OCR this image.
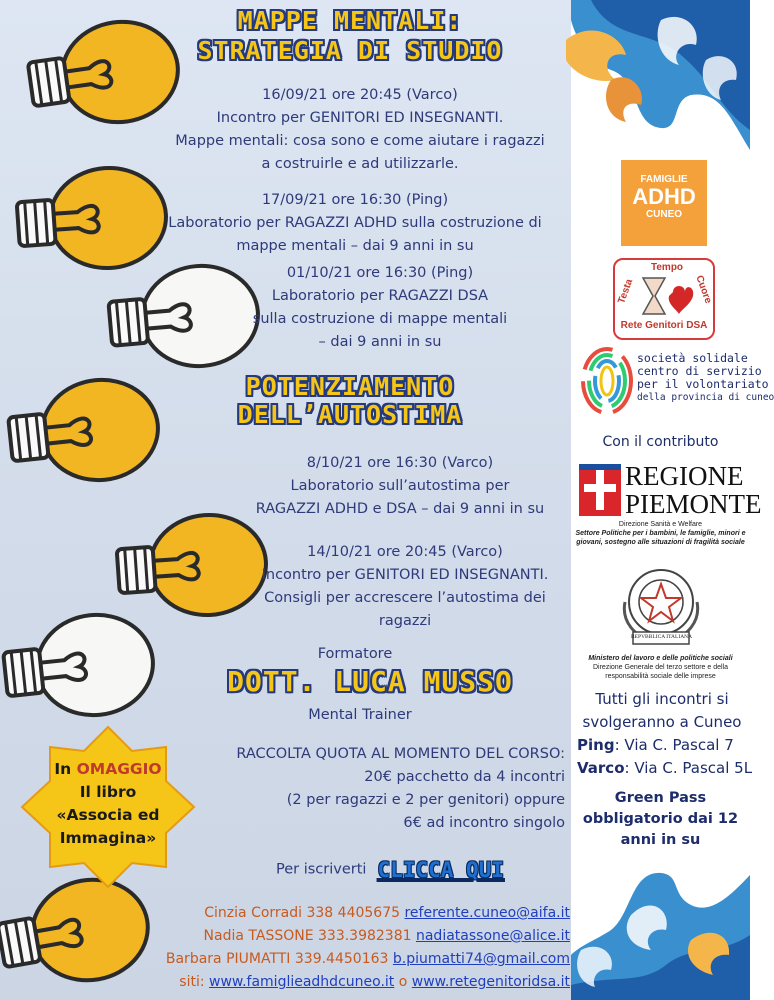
MAPPE MENTALI:
STRATEGIA DI STUDIO
16/09/21 ore 20:45 (Varco)
Incontro per GENITORI ED INSEGNANTI.
Mappe mentali: cosa sono e come aiutare i ragazzi
a costruirle e ad utilizzarle.
17/09/21 ore 16:30 (Ping)
Laboratorio per RAGAZZI ADHD sulla costruzione di
mappe mentali – dai 9 anni in su
01/10/21 ore 16:30 (Ping)
Laboratorio per RAGAZZI DSA
sulla costruzione di mappe mentali
– dai 9 anni in su
POTENZIAMENTO
DELL’AUTOSTIMA
8/10/21 ore 16:30 (Varco)
Laboratorio sull’autostima per
RAGAZZI ADHD e DSA – dai 9 anni in su
14/10/21 ore 20:45 (Varco)
Incontro per GENITORI ED INSEGNANTI.
Consigli per accrescere l’autostima dei
ragazzi
Formatore
DOTT. LUCA MUSSO
Mental Trainer
RACCOLTA QUOTA AL MOMENTO DEL CORSO:
20€ pacchetto da 4 incontri
(2 per ragazzi e 2 per genitori) oppure
6€ ad incontro singolo
In OMAGGIO
Il libro
«Associa ed
Immagina»
Per iscriverti CLICCA QUI
Cinzia Corradi 338 4405675 referente.cuneo@aifa.it
Nadia TASSONE 333.3982381 nadiatassone@alice.it
Barbara PIUMATTI 339.4450163 b.piumatti74@gmail.com
siti: www.famiglieadhdcuneo.it o www.retegenitoridsa.it
FAMIGLIE
ADHD
CUNEO
Tempo
Testa	Cuore
Rete Genitori DSA
società solidale
centro di servizio
per il volontariato
della provincia di cuneo
Con il contributo
REGIONE
PIEMONTE
Direzione Sanità e Welfare
Settore Politiche per i bambini, le famiglie, minori e
giovani, sostegno alle situazioni di fragilità sociale
REPVBBLICA ITALIANA
Ministero del lavoro e delle politiche sociali
Direzione Generale del terzo settore e della
responsabilità sociale delle imprese
Tutti gli incontri si
svolgeranno a Cuneo
Ping: Via C. Pascal 7
Varco: Via C. Pascal 5L
Green Pass
obbligatorio dai 12
anni in su
